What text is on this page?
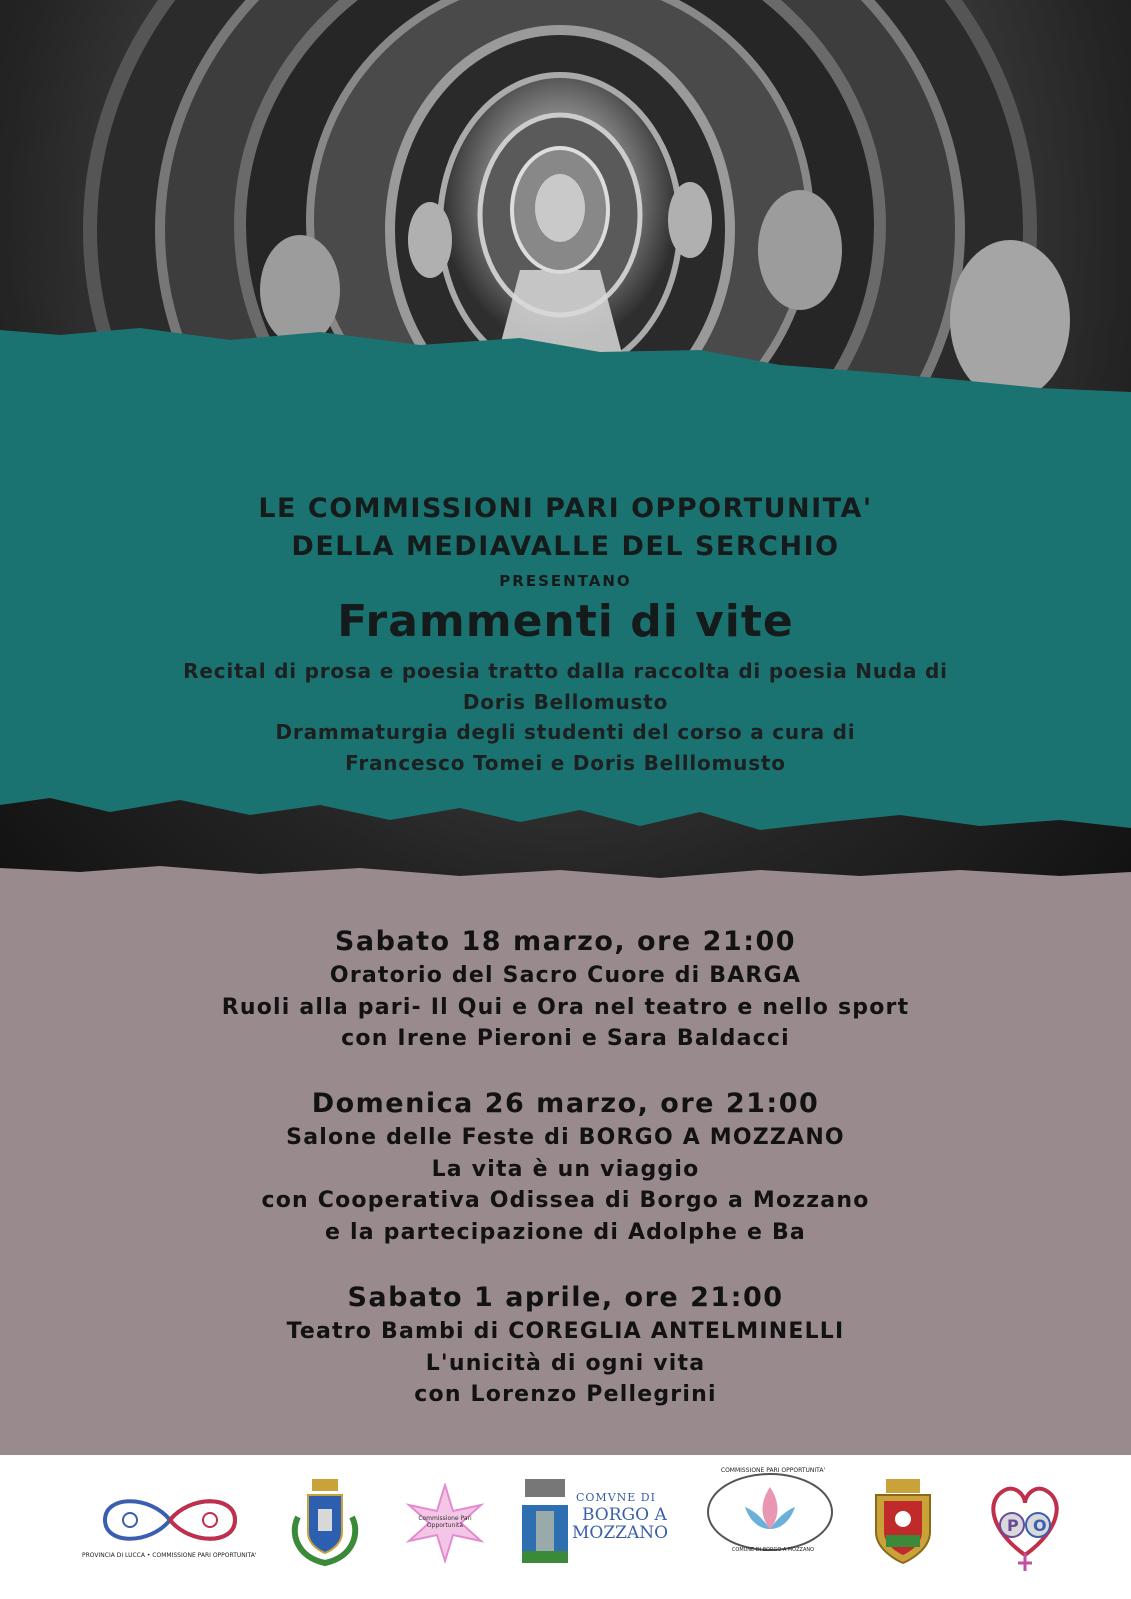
LE COMMISSIONI PARI OPPORTUNITA'
DELLA MEDIAVALLE DEL SERCHIO
PRESENTANO
Frammenti di vite
Recital di prosa e poesia tratto dalla raccolta di poesia Nuda di
Doris Bellomusto
Drammaturgia degli studenti del corso a cura di
Francesco Tomei e Doris Belllomusto
Sabato 18 marzo, ore 21:00
Oratorio del Sacro Cuore di BARGA
Ruoli alla pari- Il Qui e Ora nel teatro e nello sport
con Irene Pieroni e Sara Baldacci
Domenica 26 marzo, ore 21:00
Salone delle Feste di BORGO A MOZZANO
La vita è un viaggio
con Cooperativa Odissea di Borgo a Mozzano
e la partecipazione di Adolphe e Ba
Sabato 1 aprile, ore 21:00
Teatro Bambi di COREGLIA ANTELMINELLI
L'unicità di ogni vita
con Lorenzo Pellegrini
PROVINCIA DI LUCCA • COMMISSIONE PARI OPPORTUNITA'
Commissione Pari Opportunità
COMVNE DI
BORGO A
MOZZANO
COMMISSIONE PARI OPPORTUNITA'
COMUNE DI BORGO A MOZZANO
P O
